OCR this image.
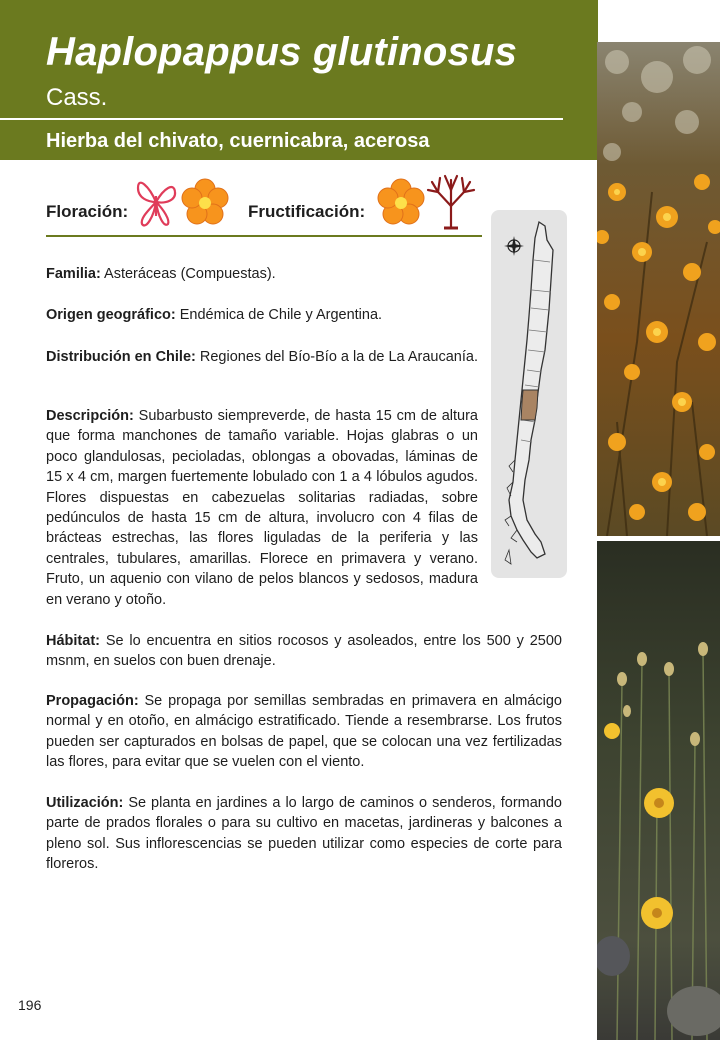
Haplopappus glutinosus
Cass.
Hierba del chivato, cuernicabra, acerosa
Floración:	Fructificación:
Familia: Asteráceas (Compuestas).
Origen geográfico: Endémica de Chile y Argentina.
Distribución en Chile: Regiones del Bío-Bío a la de La Araucanía.
Descripción: Subarbusto siempreverde, de hasta 15 cm de altura que forma manchones de tamaño variable. Hojas glabras o un poco glandulosas, pecioladas, oblongas a obovadas, láminas de 15 x 4 cm, margen fuertemente lobulado con 1 a 4 lóbulos agudos. Flores dispuestas en cabezuelas solitarias radiadas, sobre pedúnculos de hasta 15 cm de altura, involucro con 4 filas de brácteas estrechas, las flores liguladas de la periferia y las centrales, tubulares, amarillas. Florece en primavera y verano. Fruto, un aquenio con vilano de pelos blancos y sedosos, madura en verano y otoño.
Hábitat: Se lo encuentra en sitios rocosos y asoleados, entre los 500 y 2500 msnm, en suelos con buen drenaje.
Propagación: Se propaga por semillas sembradas en primavera en almácigo normal y en otoño, en almácigo estratificado. Tiende a resembrarse. Los frutos pueden ser capturados en bolsas de papel, que se colocan una vez fertilizadas las flores, para evitar que se vuelen con el viento.
Utilización: Se planta en jardines a lo largo de caminos o senderos, formando parte de prados florales o para su cultivo en macetas, jardineras y balcones a pleno sol. Sus inflorescencias se pueden utilizar como especies de corte para floreros.
196
